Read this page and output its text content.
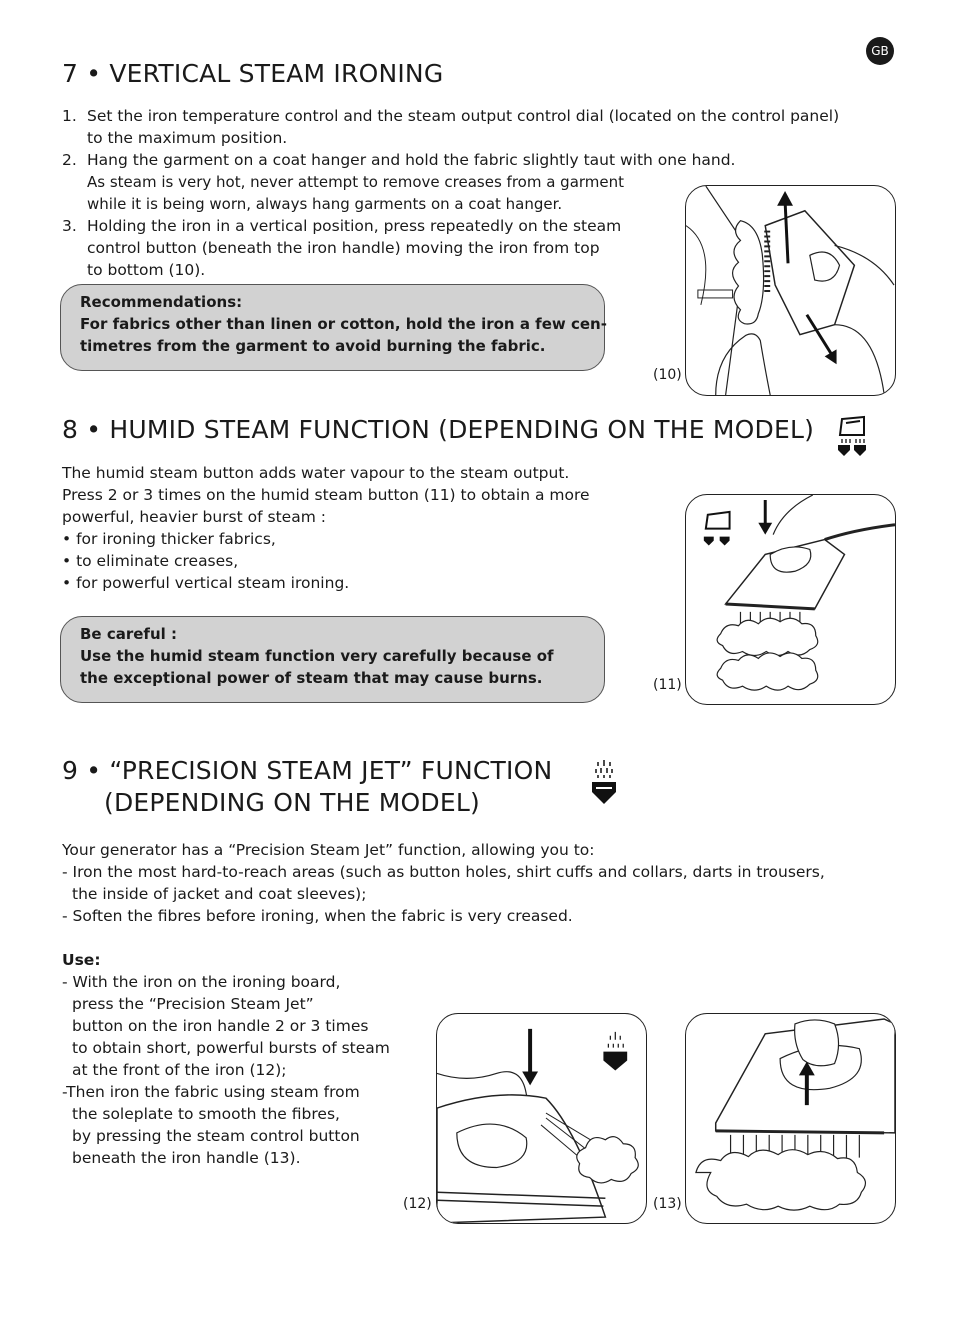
GB
7 • VERTICAL STEAM IRONING
1. Set the iron temperature control and the steam output control dial (located on the control panel)
to the maximum position.
2. Hang the garment on a coat hanger and hold the fabric slightly taut with one hand.
As steam is very hot, never attempt to remove creases from a garment
while it is being worn, always hang garments on a coat hanger.
3. Holding the iron in a vertical position, press repeatedly on the steam
control button (beneath the iron handle) moving the iron from top
to bottom (10).
Recommendations:
For fabrics other than linen or cotton, hold the iron a few cen-
timetres from the garment to avoid burning the fabric.
(10)
8 • HUMID STEAM FUNCTION (DEPENDING ON THE MODEL)
The humid steam button adds water vapour to the steam output.
Press 2 or 3 times on the humid steam button (11) to obtain a more
powerful, heavier burst of steam :
• for ironing thicker fabrics,
• to eliminate creases,
• for powerful vertical steam ironing.
Be careful :
Use the humid steam function very carefully because of
the exceptional power of steam that may cause burns.	(11)
9 • “PRECISION STEAM JET” FUNCTION
(DEPENDING ON THE MODEL)
Your generator has a “Precision Steam Jet” function, allowing you to:
- Iron the most hard-to-reach areas (such as button holes, shirt cuffs and collars, darts in trousers,
the inside of jacket and coat sleeves);
- Soften the fibres before ironing, when the fabric is very creased.
Use:
- With the iron on the ironing board,
press the “Precision Steam Jet”
button on the iron handle 2 or 3 times
to obtain short, powerful bursts of steam
at the front of the iron (12);
-Then iron the fabric using steam from
the soleplate to smooth the fibres,
by pressing the steam control button
beneath the iron handle (13).
(12)	(13)
